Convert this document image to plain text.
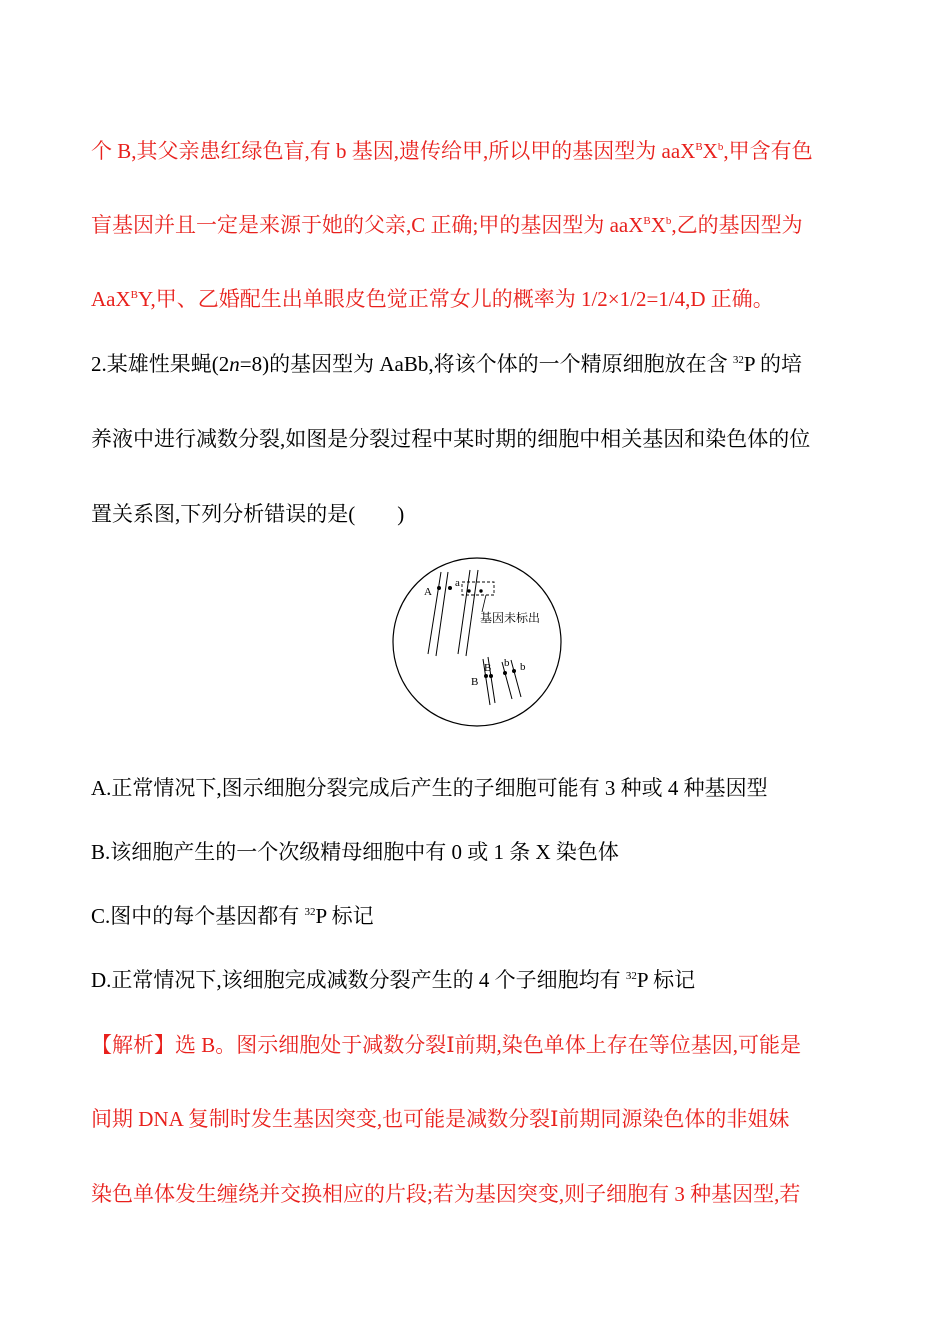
个 B,其父亲患红绿色盲,有 b 基因,遗传给甲,所以甲的基因型为 $aaX^BX^b$,甲含有色
盲基因并且一定是来源于她的父亲,C 正确;甲的基因型为 $aaX^BX^b$,乙的基因型为
AaX$^B$Y,甲、乙婚配生出单眼皮色觉正常女儿的概率为 1/2×1/2=1/4,D 正确。
2.某雄性果蝇(2n=8)的基因型为 AaBb,将该个体的一个精原细胞放在含 $^{32}$P 的培
养液中进行减数分裂,如图是分裂过程中某时期的细胞中相关基因和染色体的位
置关系图,下列分析错误的是(　　)
A
a
基因未标出
B
B b b
A.正常情况下,图示细胞分裂完成后产生的子细胞可能有 3 种或 4 种基因型
B.该细胞产生的一个次级精母细胞中有 0 或 1 条 X 染色体
C.图中的每个基因都有 $^{32}$P 标记
D.正常情况下,该细胞完成减数分裂产生的 4 个子细胞均有 $^{32}$P 标记
【解析】选 B。图示细胞处于减数分裂Ⅰ前期,染色单体上存在等位基因,可能是
间期 DNA 复制时发生基因突变,也可能是减数分裂Ⅰ前期同源染色体的非姐妹
染色单体发生缠绕并交换相应的片段;若为基因突变,则子细胞有 3 种基因型,若
